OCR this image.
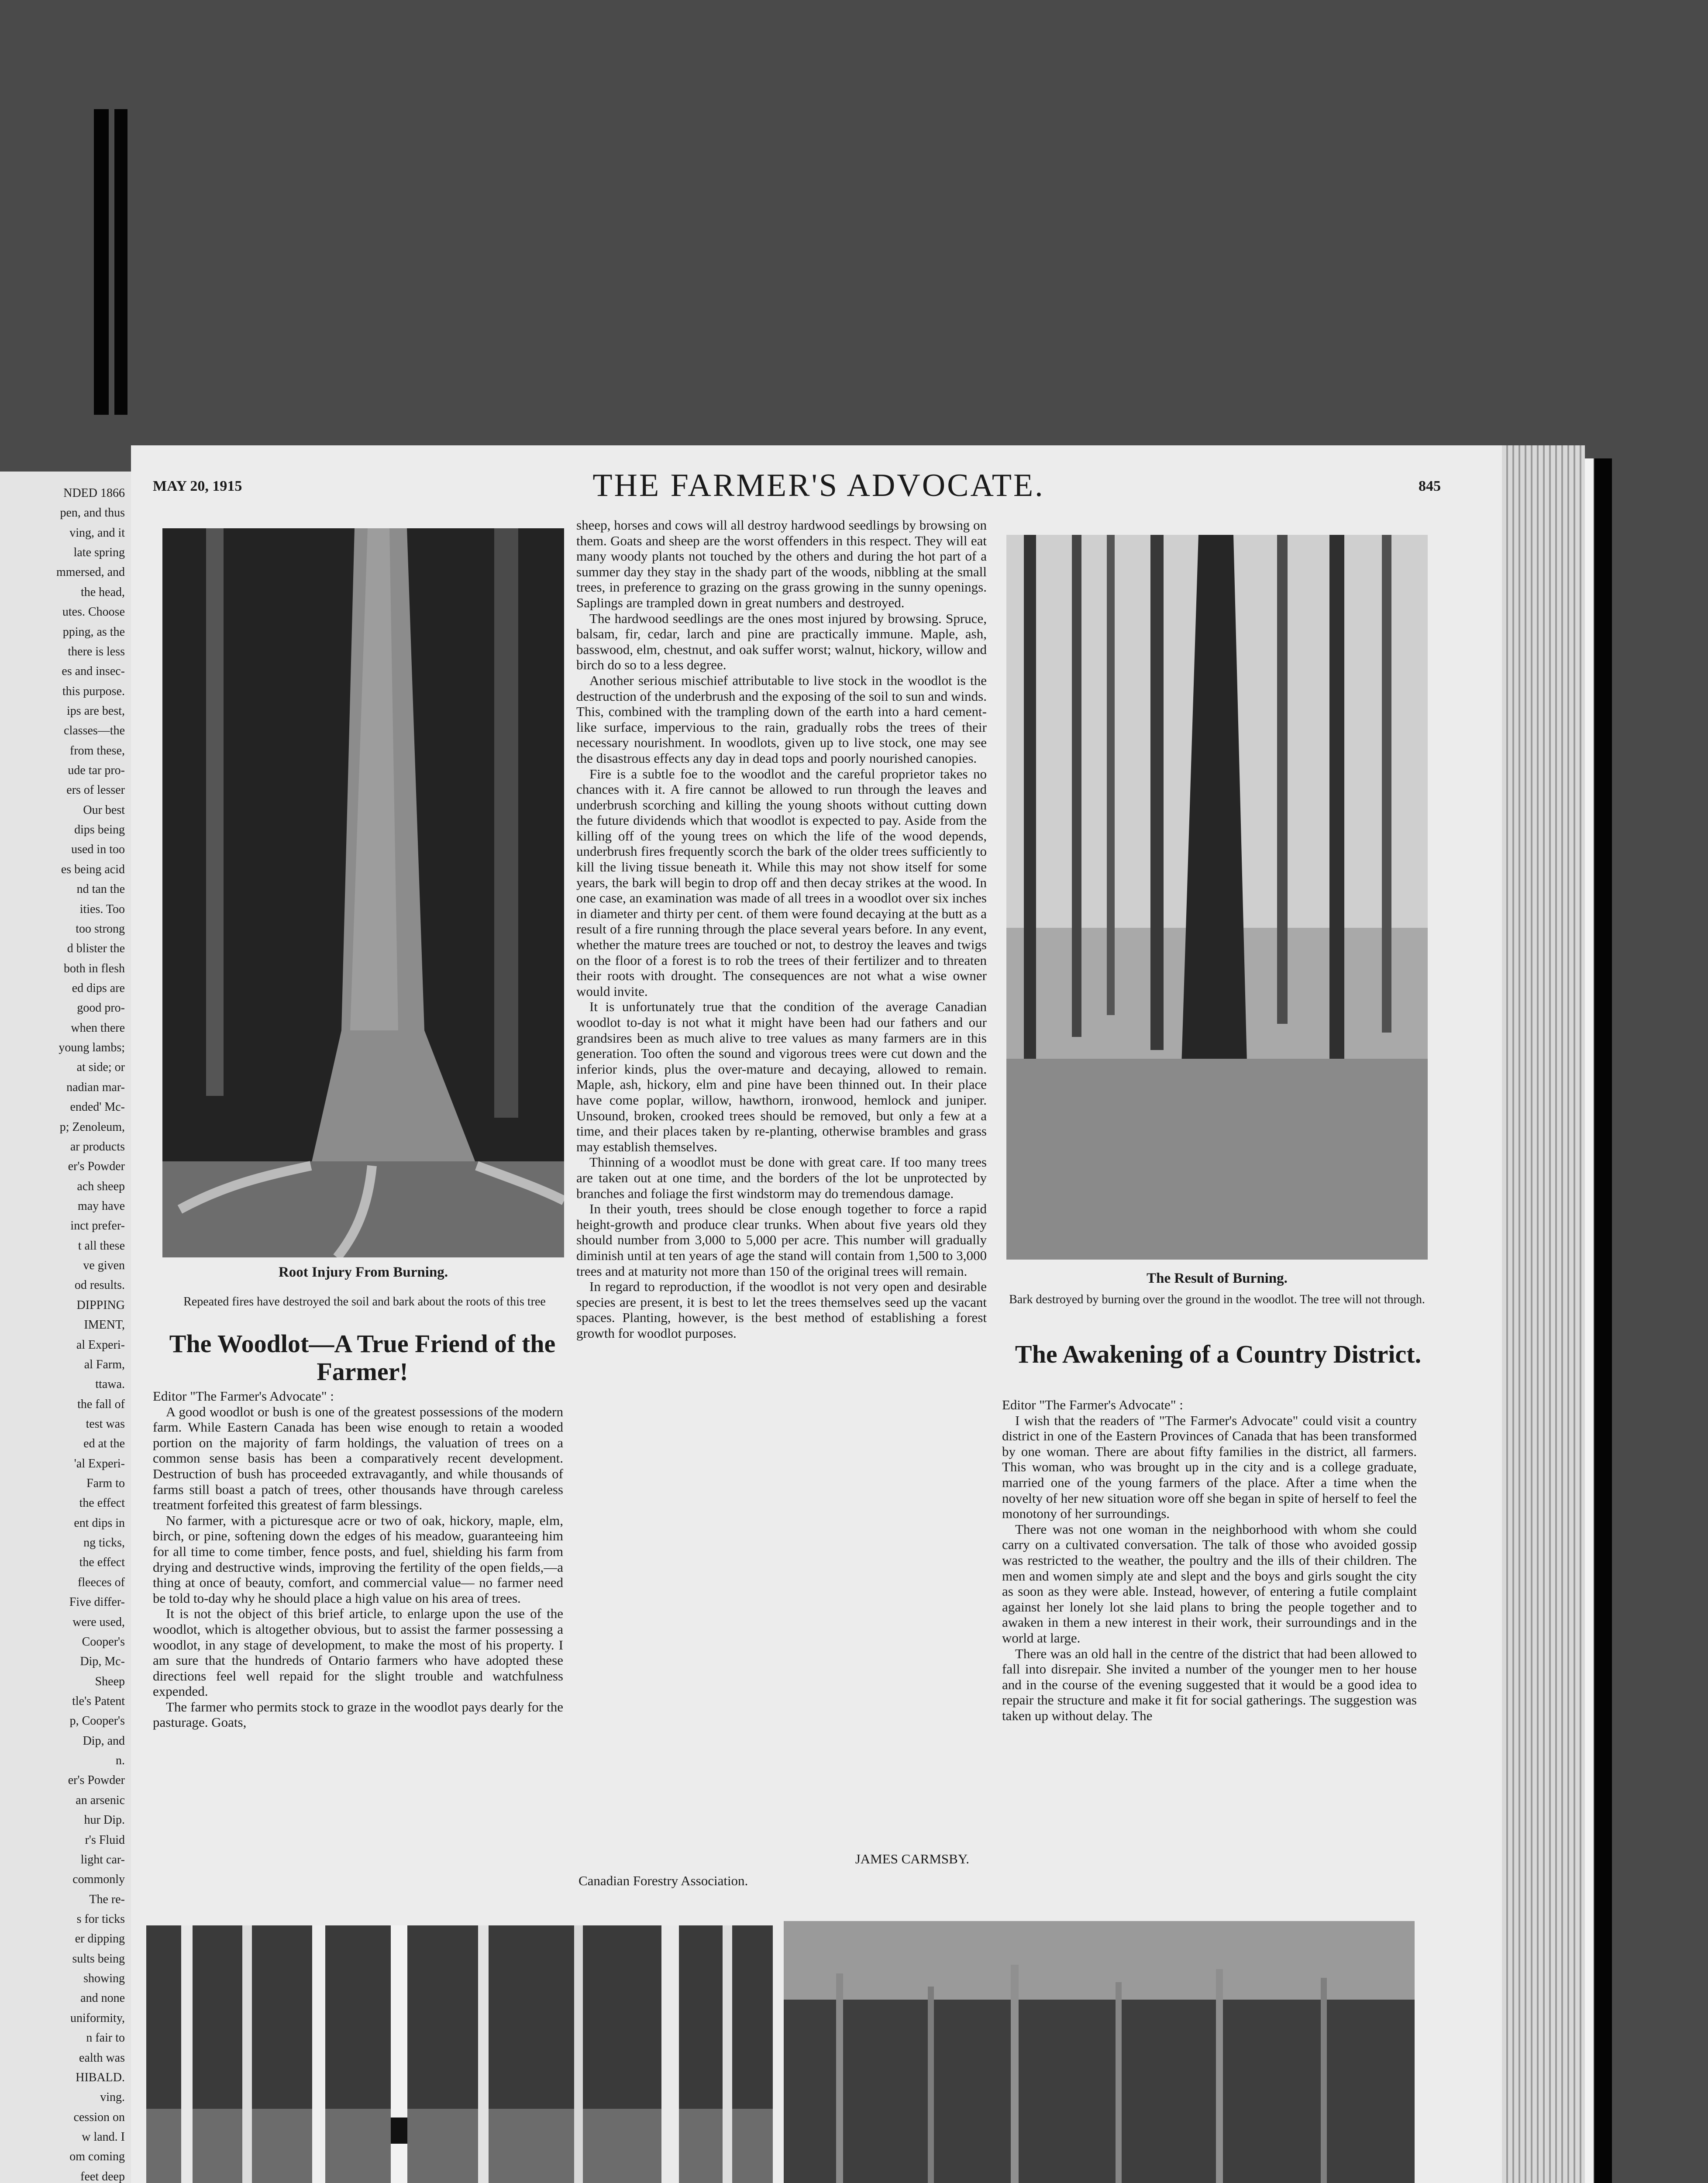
NDED 1866
pen, and thus
ving, and it
late spring
mmersed, and
the head,
utes. Choose
pping, as the
there is less
es and insec-
this purpose.
ips are best,
classes—the
from these,
ude tar pro-
ers of lesser
Our best
dips being
used in too
es being acid
nd tan the
ities. Too
too strong
d blister the
both in flesh
ed dips are
good pro-
when there
young lambs;
at side; or
nadian mar-
ended' Mc-
p; Zenoleum,
ar products
er's Powder
ach sheep
may have
inct prefer-
t all these
ve given
od results.
DIPPING
IMENT,
al Experi-
al Farm,
ttawa.
the fall of
test was
ed at the
'al Experi-
Farm to
the effect
ent dips in
ng ticks,
the effect
fleeces of
Five differ-
were used,
Cooper's
Dip, Mc-
Sheep
tle's Patent
p, Cooper's
Dip, and
n.
er's Powder
an arsenic
hur Dip.
r's Fluid
light car-
commonly
The re-
s for ticks
er dipping
sults being
showing
and none
uniformity,
n fair to
ealth was
HIBALD.
ving.
cession on
w land. I
om coming
feet deep
MAY 20, 1915	THE FARMER'S ADVOCATE.	845
Root Injury From Burning.
Repeated fires have destroyed the soil and bark about the roots of this tree
The Woodlot—A True Friend of the Farmer!

Editor "The Farmer's Advocate" :

A good woodlot or bush is one of the greatest possessions of the modern farm. While Eastern Canada has been wise enough to retain a wooded portion on the majority of farm holdings, the valuation of trees on a common sense basis has been a comparatively recent development. Destruction of bush has proceeded extravagantly, and while thousands of farms still boast a patch of trees, other thousands have through careless treatment forfeited this greatest of farm blessings.

No farmer, with a picturesque acre or two of oak, hickory, maple, elm, birch, or pine, softening down the edges of his meadow, guaranteeing him for all time to come timber, fence posts, and fuel, shielding his farm from drying and destructive winds, improving the fertility of the open fields,—a thing at once of beauty, comfort, and commercial value— no farmer need be told to-day why he should place a high value on his area of trees.

It is not the object of this brief article, to enlarge upon the use of the woodlot, which is altogether obvious, but to assist the farmer possessing a woodlot, in any stage of development, to make the most of his property. I am sure that the hundreds of Ontario farmers who have adopted these directions feel well repaid for the slight trouble and watchfulness expended.

The farmer who permits stock to graze in the woodlot pays dearly for the pasturage. Goats,

sheep, horses and cows will all destroy hardwood seedlings by browsing on them. Goats and sheep are the worst offenders in this respect. They will eat many woody plants not touched by the others and during the hot part of a summer day they stay in the shady part of the woods, nibbling at the small trees, in preference to grazing on the grass growing in the sunny openings. Saplings are trampled down in great numbers and destroyed.

The hardwood seedlings are the ones most injured by browsing. Spruce, balsam, fir, cedar, larch and pine are practically immune. Maple, ash, basswood, elm, chestnut, and oak suffer worst; walnut, hickory, willow and birch do so to a less degree.

Another serious mischief attributable to live stock in the woodlot is the destruction of the underbrush and the exposing of the soil to sun and winds. This, combined with the trampling down of the earth into a hard cement-like surface, impervious to the rain, gradually robs the trees of their necessary nourishment. In woodlots, given up to live stock, one may see the disastrous effects any day in dead tops and poorly nourished canopies.

Fire is a subtle foe to the woodlot and the careful proprietor takes no chances with it. A fire cannot be allowed to run through the leaves and underbrush scorching and killing the young shoots without cutting down the future dividends which that woodlot is expected to pay. Aside from the killing off of the young trees on which the life of the wood depends, underbrush fires frequently scorch the bark of the older trees sufficiently to kill the living tissue beneath it. While this may not show itself for some years, the bark will begin to drop off and then decay strikes at the wood. In one case, an examination was made of all trees in a woodlot over six inches in diameter and thirty per cent. of them were found decaying at the butt as a result of a fire running through the place several years before. In any event, whether the mature trees are touched or not, to destroy the leaves and twigs on the floor of a forest is to rob the trees of their fertilizer and to threaten their roots with drought. The consequences are not what a wise owner would invite.

It is unfortunately true that the condition of the average Canadian woodlot to-day is not what it might have been had our fathers and our grandsires been as much alive to tree values as many farmers are in this generation. Too often the sound and vigorous trees were cut down and the inferior kinds, plus the over-mature and decaying, allowed to remain. Maple, ash, hickory, elm and pine have been thinned out. In their place have come poplar, willow, hawthorn, ironwood, hemlock and juniper. Unsound, broken, crooked trees should be removed, but only a few at a time, and their places taken by re-planting, otherwise brambles and grass may establish themselves.

Thinning of a woodlot must be done with great care. If too many trees are taken out at one time, and the borders of the lot be unprotected by branches and foliage the first windstorm may do tremendous damage.

In their youth, trees should be close enough together to force a rapid height-growth and produce clear trunks. When about five years old they should number from 3,000 to 5,000 per acre. This number will gradually diminish until at ten years of age the stand will contain from 1,500 to 3,000 trees and at maturity not more than 150 of the original trees will remain.

In regard to reproduction, if the woodlot is not very open and desirable species are present, it is best to let the trees themselves seed up the vacant spaces. Planting, however, is the best method of establishing a forest growth for woodlot purposes.

JAMES CARMSBY.
Canadian Forestry Association.
The Result of Burning.
Bark destroyed by burning over the ground in the woodlot. The tree will not through.
The Awakening of a Country District.

Editor "The Farmer's Advocate" :

I wish that the readers of "The Farmer's Advocate" could visit a country district in one of the Eastern Provinces of Canada that has been transformed by one woman. There are about fifty families in the district, all farmers. This woman, who was brought up in the city and is a college graduate, married one of the young farmers of the place. After a time when the novelty of her new situation wore off she began in spite of herself to feel the monotony of her surroundings.

There was not one woman in the neighborhood with whom she could carry on a cultivated conversation. The talk of those who avoided gossip was restricted to the weather, the poultry and the ills of their children. The men and women simply ate and slept and the boys and girls sought the city as soon as they were able. Instead, however, of entering a futile complaint against her lonely lot she laid plans to bring the people together and to awaken in them a new interest in their work, their surroundings and in the world at large.

There was an old hall in the centre of the district that had been allowed to fall into disrepair. She invited a number of the younger men to her house and in the course of the evening suggested that it would be a good idea to repair the structure and make it fit for social gatherings. The suggestion was taken up without delay. The
